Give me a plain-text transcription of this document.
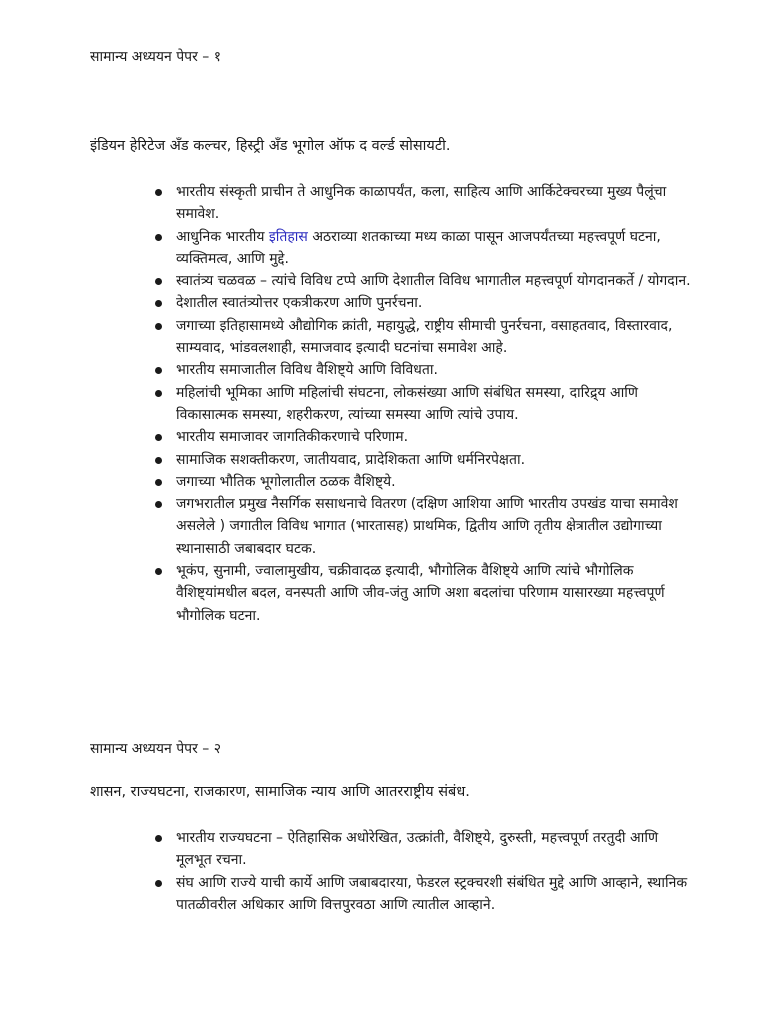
सामान्य अध्ययन पेपर – १
इंडियन हेरिटेज अँड कल्चर, हिस्ट्री अँड भूगोल ऑफ द वर्ल्ड सोसायटी.
भारतीय संस्कृती प्राचीन ते आधुनिक काळापर्यंत, कला, साहित्य आणि आर्किटेक्चरच्या मुख्य पैलूंचा समावेश.
आधुनिक भारतीय इतिहास अठराव्या शतकाच्या मध्य काळा पासून आजपर्यंतच्या महत्त्वपूर्ण घटना, व्यक्तिमत्व, आणि मुद्दे.
स्वातंत्र्य चळवळ – त्यांचे विविध टप्पे आणि देशातील विविध भागातील महत्त्वपूर्ण योगदानकर्ते / योगदान.
देशातील स्वातंत्र्योत्तर एकत्रीकरण आणि पुनर्रचना.
जगाच्या इतिहासामध्ये औद्योगिक क्रांती, महायुद्धे, राष्ट्रीय सीमाची पुनर्रचना, वसाहतवाद, विस्तारवाद, साम्यवाद, भांडवलशाही, समाजवाद इत्यादी घटनांचा समावेश आहे.
भारतीय समाजातील विविध वैशिष्ट्ये आणि विविधता.
महिलांची भूमिका आणि महिलांची संघटना, लोकसंख्या आणि संबंधित समस्या, दारिद्र्य आणि विकासात्मक समस्या, शहरीकरण, त्यांच्या समस्या आणि त्यांचे उपाय.
भारतीय समाजावर जागतिकीकरणाचे परिणाम.
सामाजिक सशक्तीकरण, जातीयवाद, प्रादेशिकता आणि धर्मनिरपेक्षता.
जगाच्या भौतिक भूगोलातील ठळक वैशिष्ट्ये.
जगभरातील प्रमुख नैसर्गिक ससाधनाचे वितरण (दक्षिण आशिया आणि भारतीय उपखंड याचा समावेश असलेले ) जगातील विविध भागात (भारतासह) प्राथमिक, द्वितीय आणि तृतीय क्षेत्रातील उद्योगाच्या स्थानासाठी जबाबदार घटक.
भूकंप, सुनामी, ज्वालामुखीय, चक्रीवादळ इत्यादी, भौगोलिक वैशिष्ट्ये आणि त्यांचे भौगोलिक वैशिष्ट्यांमधील बदल, वनस्पती आणि जीव-जंतु आणि अशा बदलांचा परिणाम यासारख्या महत्त्वपूर्ण भौगोलिक घटना.
सामान्य अध्ययन पेपर – २
शासन, राज्यघटना, राजकारण, सामाजिक न्याय आणि आतरराष्ट्रीय संबंध.
भारतीय राज्यघटना – ऐतिहासिक अधोरेखित, उत्क्रांती, वैशिष्ट्ये, दुरुस्ती, महत्त्वपूर्ण तरतुदी आणि मूलभूत रचना.
संघ आणि राज्ये याची कार्ये आणि जबाबदारया, फेडरल स्ट्रक्चरशी संबंधित मुद्दे आणि आव्हाने, स्थानिक पातळीवरील अधिकार आणि वित्तपुरवठा आणि त्यातील आव्हाने.
